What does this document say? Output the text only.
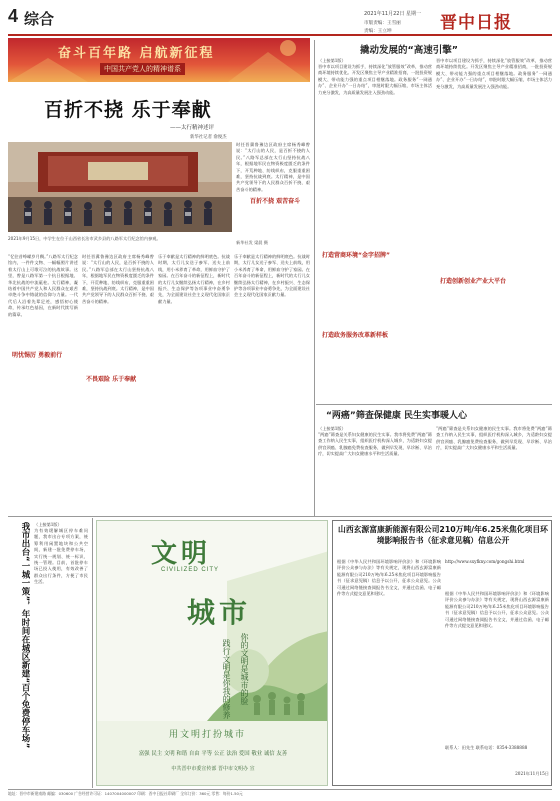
4 综合	2021年11月22日 星期一
市版责编：王雪丽
责编：王立坤	晋中日报
奋斗百年路 启航新征程
中国共产党人的精神谱系
百折不挠 乐于奉献
——太行精神述评
新华社记者 俞俊杰
时任晋冀鲁豫边区政府主席杨秀峰曾说：“太行山的人民，是百折不挠的人民。”八路军总部在太行山坚持抗战八年，根据地军民在物资极度匮乏的条件下，开荒种地、纺线织布，克服重重困难，坚持抗战到底。太行精神，是中国共产党领导下的人民群众百折不挠、艰苦奋斗的精神。
2021年9月15日，中学生在位于山西省长治市武乡县的八路军太行纪念馆内参观。
新华社发 梁晨 摄
“忆往昔峥嵘岁月稠。”八路军太行纪念馆内，一件件文物、一幅幅照片讲述着太行山上可歌可泣的抗战故事。这里，曾是八路军第一个抗日根据地、华北抗战的中流砥柱。太行精神，凝结着中国共产党人和人民群众在艰苦卓绝斗争中铸就的信仰与力量。一代代后人沿着先辈足迹，感悟初心使命，传承红色基因，在新时代续写新的篇章。
明忧惕厉 勇毅前行
时任晋冀鲁豫边区政府主席杨秀峰曾说：“太行山的人民，是百折不挠的人民。”八路军总部在太行山坚持抗战八年，根据地军民在物资极度匮乏的条件下，开荒种地、纺线织布，克服重重困难，坚持抗战到底。太行精神，是中国共产党领导下的人民群众百折不挠、艰苦奋斗的精神。
不畏艰险 乐于奉献
乐于奉献是太行精神的鲜明底色。抗战时期，太行儿女送子参军、送夫上前线，用小米养育了革命，用鲜血守护了家园。在百年奋斗的新征程上，新时代的太行儿女继续弘扬太行精神，在乡村振兴、生态保护等各项事业中奋勇争先，为全面建设社会主义现代化国家贡献力量。
百折不挠 艰苦奋斗
乐于奉献是太行精神的鲜明底色。抗战时期，太行儿女送子参军、送夫上前线，用小米养育了革命，用鲜血守护了家园。在百年奋斗的新征程上，新时代的太行儿女继续弘扬太行精神，在乡村振兴、生态保护等各项事业中奋勇争先，为全面建设社会主义现代化国家贡献力量。
撬动发展的“高速引擎”
（上接第1版）
晋中市以项目建设为抓手，持续深化“放管服效”改革，推动营商环境持续优化。开发区聚焦主导产业精准招商，一批投资规模大、带动能力强的重点项目相继落地。政务服务“一网通办”、企业开办“一日办结”，审批时限大幅压缩，市场主体活力充分激发，为高质量发展注入强劲动能。
打造营商环境“金字招牌”
打造政务服务改革新样板
晋中市以项目建设为抓手，持续深化“放管服效”改革，推动营商环境持续优化。开发区聚焦主导产业精准招商，一批投资规模大、带动能力强的重点项目相继落地。政务服务“一网通办”、企业开办“一日办结”，审批时限大幅压缩，市场主体活力充分激发，为高质量发展注入强劲动能。
打造创新创业产业大平台
“两癌”筛查保健康 民生实事暖人心
（上接第1版）
“两癌”筛查是关系妇女健康的民生实事。我市将免费“两癌”筛查工作纳入民生实事，组织医疗机构深入城乡，为适龄妇女提供宫颈癌、乳腺癌免费检查服务，做到早发现、早诊断、早治疗，切实提高广大妇女健康水平和生活质量。
“两癌”筛查是关系妇女健康的民生实事。我市将免费“两癌”筛查工作纳入民生实事，组织医疗机构深入城乡，为适龄妇女提供宫颈癌、乳腺癌免费检查服务，做到早发现、早诊断、早治疗，切实提高广大妇女健康水平和生活质量。
我市出台“一城一策”，年时间在城区新建“百个免费停车场” （上接第1版）
为有效缓解城区停车难问题，我市出台专项方案，统筹利用闲置地块和公共空间，新建一批免费停车场，实行统一规划、统一标识、统一管理。目前，首批停车场已投入使用，有效改善了群众出行条件，方便了市民生活。
文明
CIVILIZED CITY
城市
你的文明是城市的脸
践行文明是你我的修养
用文明打扮城市
富强 民主 文明 和谐 自由 平等 公正 法治 爱国 敬业 诚信 友善
中共晋中市委宣传部 晋中市文明办 宣
山西玄源富康新能源有限公司210万吨/年6.25米焦化项目环境影响报告书（征求意见稿）信息公开
根据《中华人民共和国环境影响评价法》和《环境影响评价公众参与办法》等有关规定，现将山西玄源富康新能源有限公司210万吨/年6.25米焦化项目环境影响报告书（征求意见稿）信息予以公开，征求公众意见。公众可通过网络链接查阅报告书全文，并通过信函、电子邮件等方式提交意见和建议。
http://www.sxyfkny.com/gongshi.html
根据《中华人民共和国环境影响评价法》和《环境影响评价公众参与办法》等有关规定，现将山西玄源富康新能源有限公司210万吨/年6.25米焦化项目环境影响报告书（征求意见稿）信息予以公开，征求公众意见。公众可通过网络链接查阅报告书全文，并通过信函、电子邮件等方式提交意见和建议。
联系人：田先生 联系电话：0354-3388888
2021年11月15日
地址：晋中市新建南路 邮编：030600 广告经营许可证：1407004000007 印刷：晋中日报社印刷厂 全年订价：360元 零售：每份1.50元
